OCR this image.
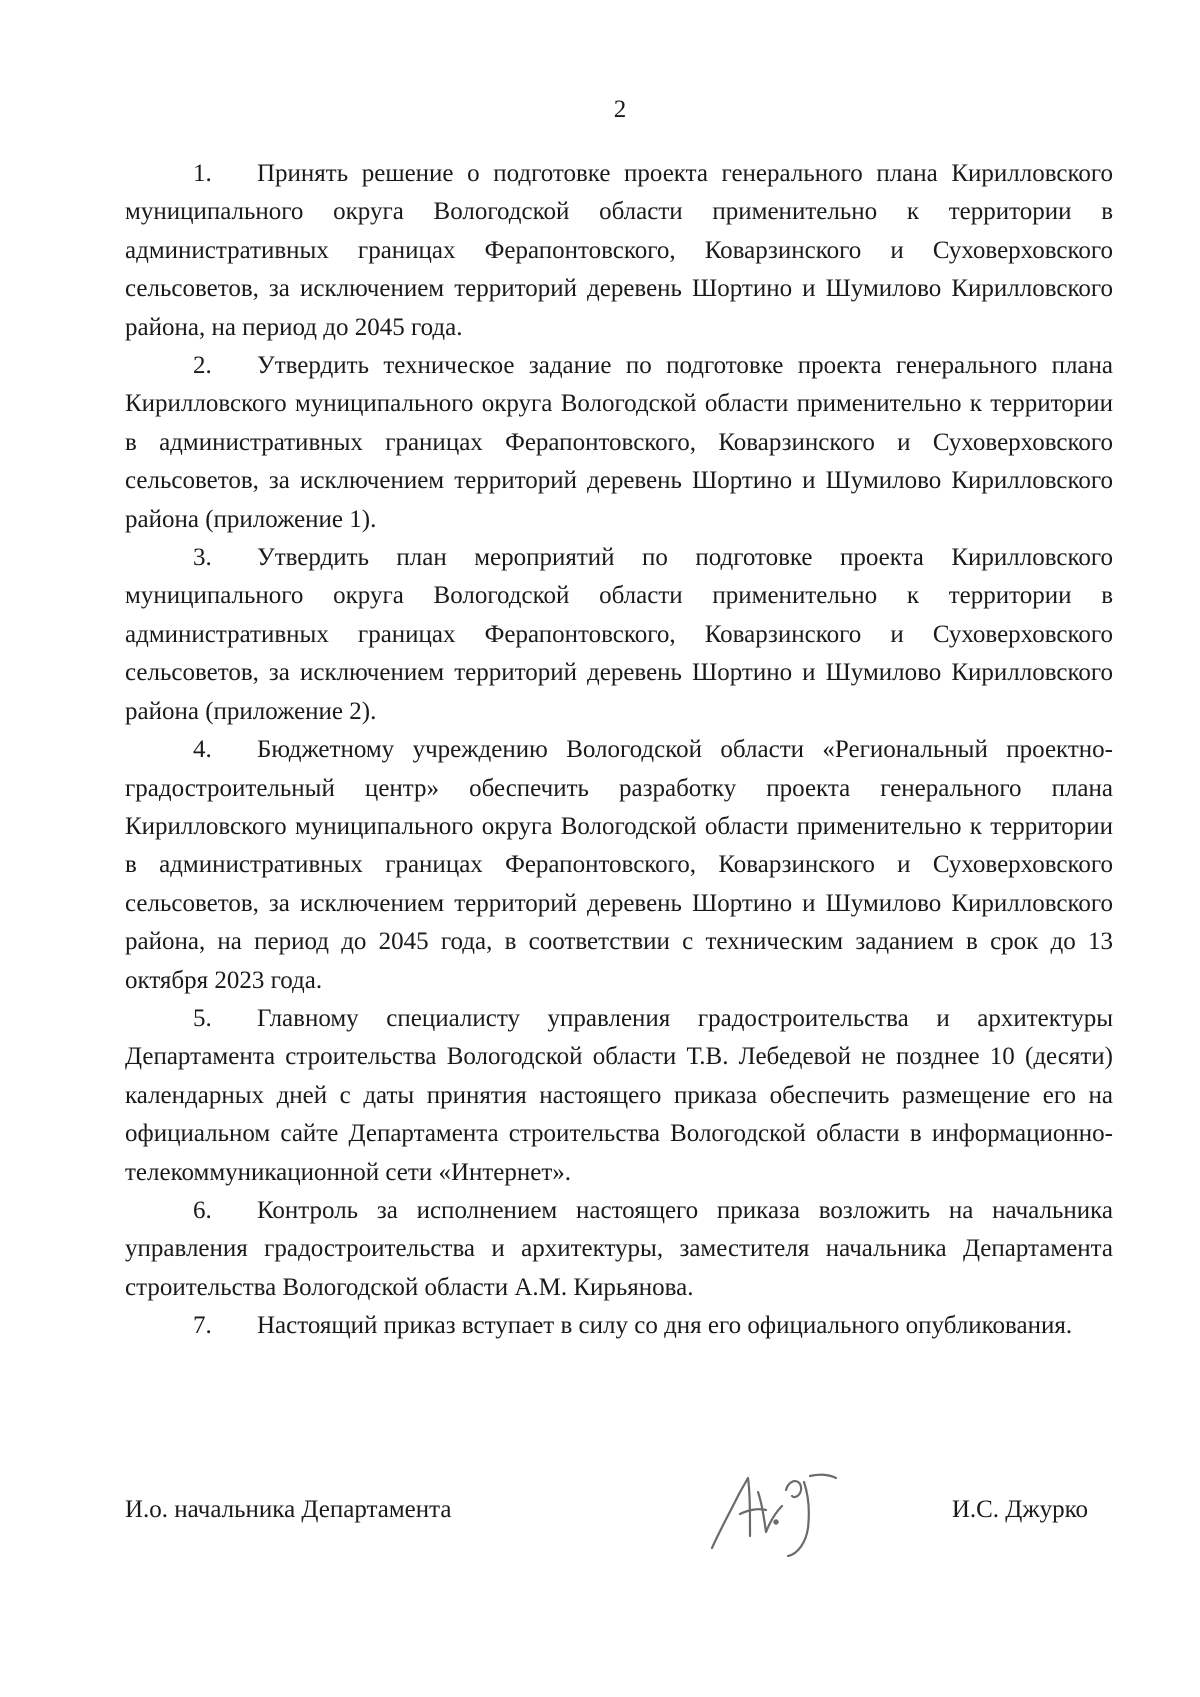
2

1. Принять решение о подготовке проекта генерального плана Кирилловского муниципального округа Вологодской области применительно к территории в административных границах Ферапонтовского, Коварзинского и Суховерховского сельсоветов, за исключением территорий деревень Шортино и Шумилово Кирилловского района, на период до 2045 года.

2. Утвердить техническое задание по подготовке проекта генерального плана Кирилловского муниципального округа Вологодской области применительно к территории в административных границах Ферапонтовского, Коварзинского и Суховерховского сельсоветов, за исключением территорий деревень Шортино и Шумилово Кирилловского района (приложение 1).

3. Утвердить план мероприятий по подготовке проекта Кирилловского муниципального округа Вологодской области применительно к территории в административных границах Ферапонтовского, Коварзинского и Суховерховского сельсоветов, за исключением территорий деревень Шортино и Шумилово Кирилловского района (приложение 2).

4. Бюджетному учреждению Вологодской области «Региональный проектно-градостроительный центр» обеспечить разработку проекта генерального плана Кирилловского муниципального округа Вологодской области применительно к территории в административных границах Ферапонтовского, Коварзинского и Суховерховского сельсоветов, за исключением территорий деревень Шортино и Шумилово Кирилловского района, на период до 2045 года, в соответствии с техническим заданием в срок до 13 октября 2023 года.

5. Главному специалисту управления градостроительства и архитектуры Департамента строительства Вологодской области Т.В. Лебедевой не позднее 10 (десяти) календарных дней с даты принятия настоящего приказа обеспечить размещение его на официальном сайте Департамента строительства Вологодской области в информационно-телекоммуникационной сети «Интернет».

6. Контроль за исполнением настоящего приказа возложить на начальника управления градостроительства и архитектуры, заместителя начальника Департамента строительства Вологодской области А.М. Кирьянова.

7. Настоящий приказ вступает в силу со дня его официального опубликования.

И.о. начальника Департамента	И.С. Джурко
